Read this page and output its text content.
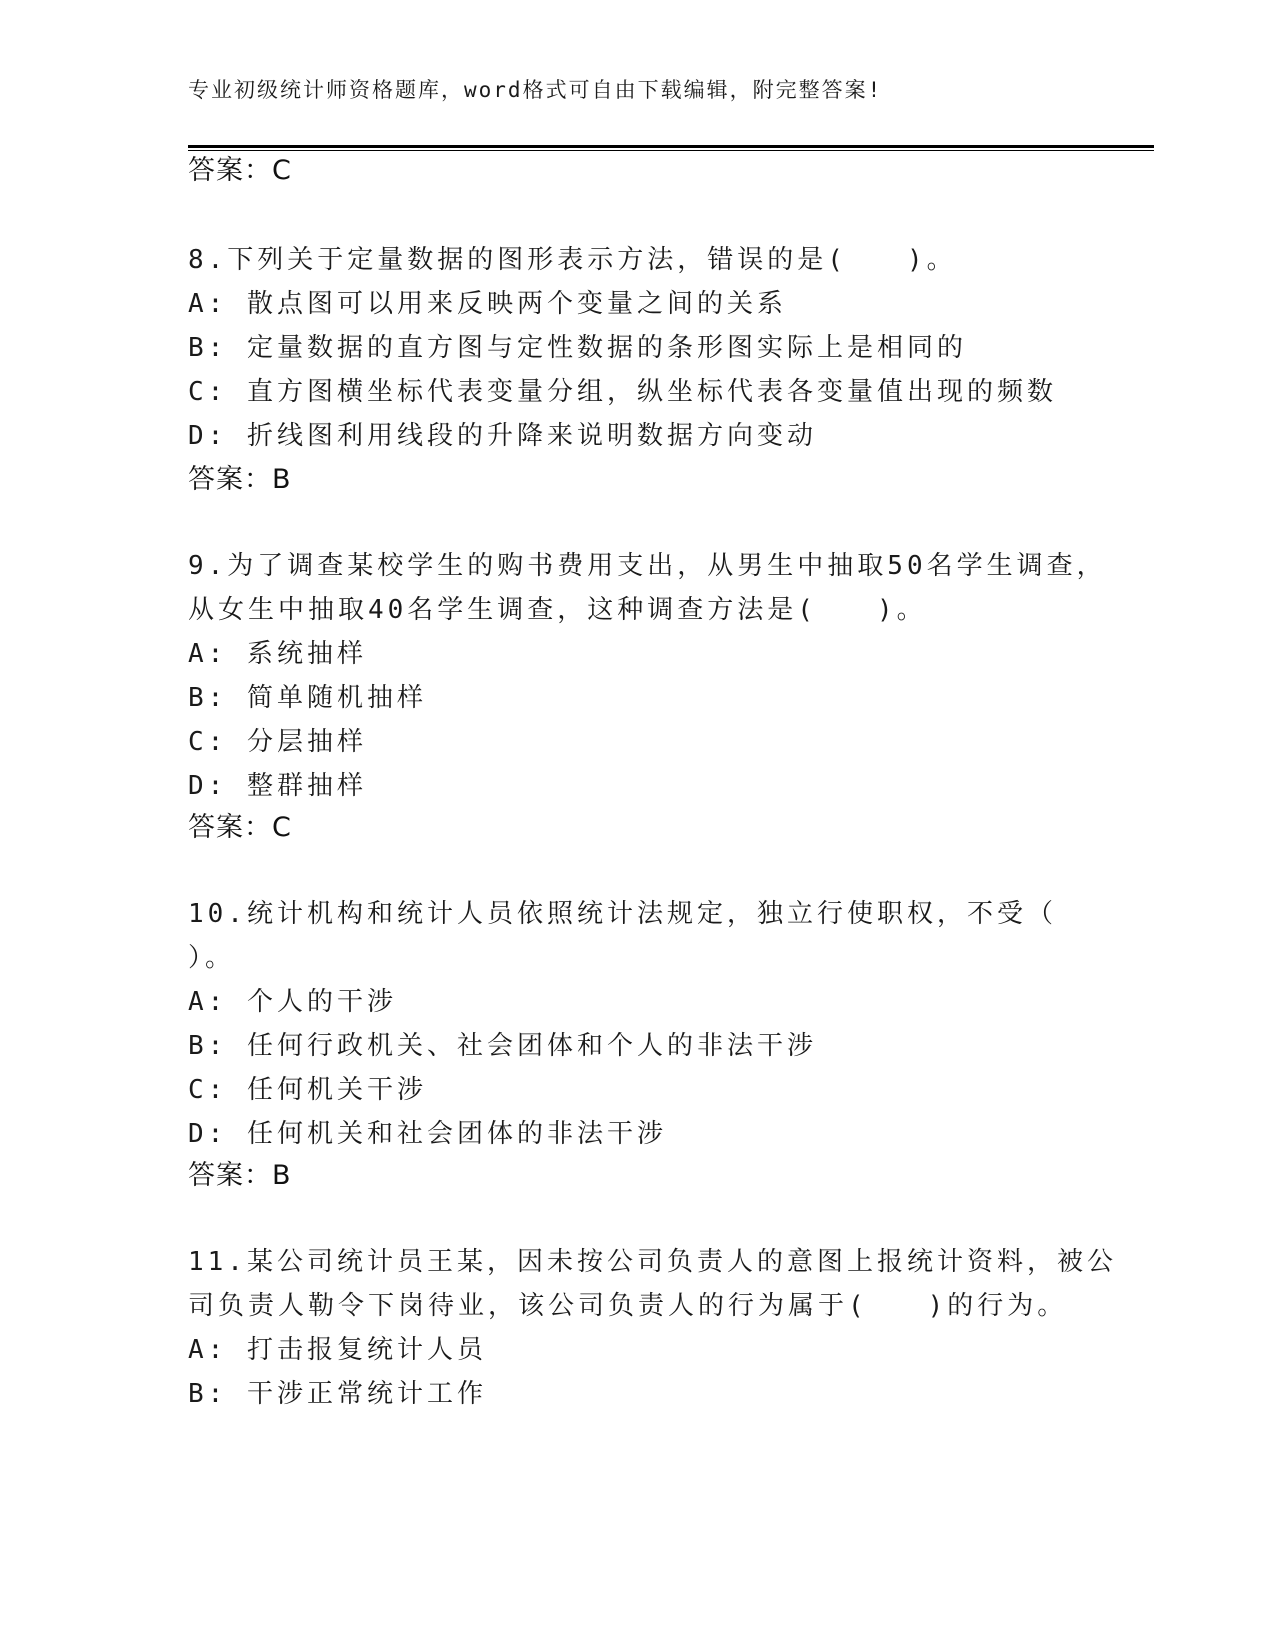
专业初级统计师资格题库，word格式可自由下载编辑，附完整答案!
答案：C
8.下列关于定量数据的图形表示方法，错误的是(　　)。
A: 散点图可以用来反映两个变量之间的关系
B: 定量数据的直方图与定性数据的条形图实际上是相同的
C: 直方图横坐标代表变量分组，纵坐标代表各变量值出现的频数
D: 折线图利用线段的升降来说明数据方向变动
答案：B
9.为了调查某校学生的购书费用支出，从男生中抽取50名学生调查，
从女生中抽取40名学生调查，这种调查方法是(　　)。
A: 系统抽样
B: 简单随机抽样
C: 分层抽样
D: 整群抽样
答案：C
10.统计机构和统计人员依照统计法规定，独立行使职权，不受（
）。
A: 个人的干涉
B: 任何行政机关、社会团体和个人的非法干涉
C: 任何机关干涉
D: 任何机关和社会团体的非法干涉
答案：B
11.某公司统计员王某，因未按公司负责人的意图上报统计资料，被公
司负责人勒令下岗待业，该公司负责人的行为属于(　　)的行为。
A: 打击报复统计人员
B: 干涉正常统计工作
